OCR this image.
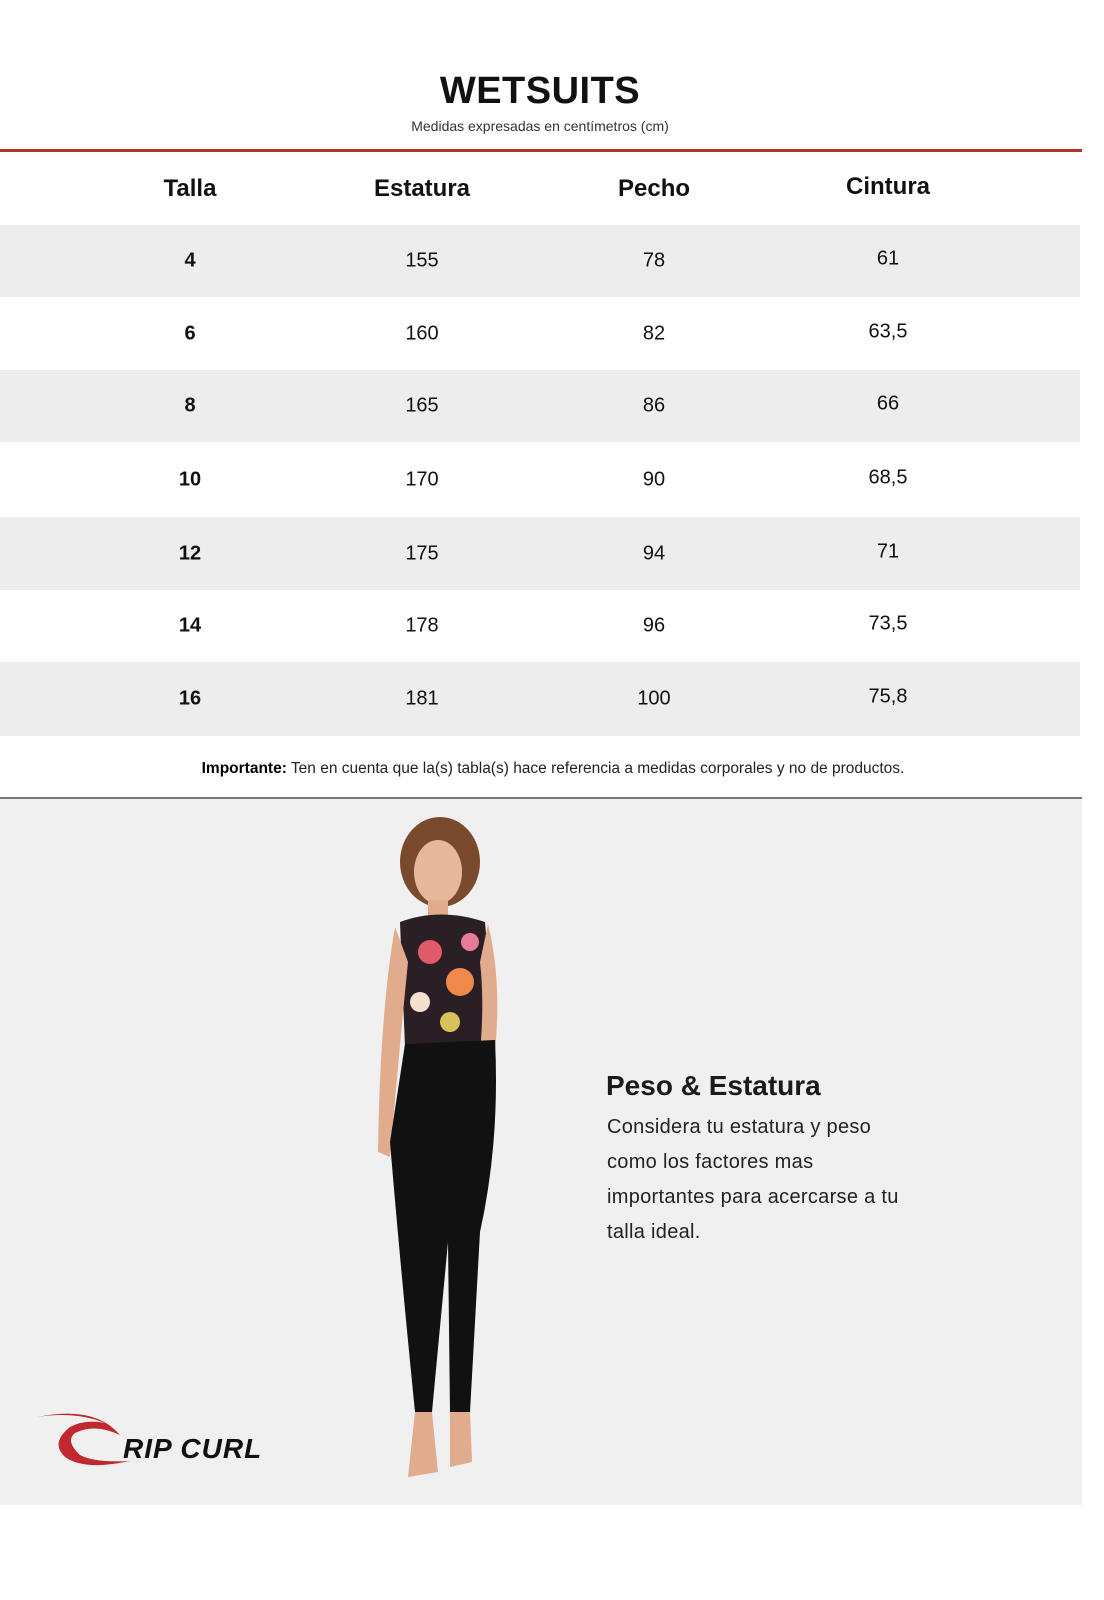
WETSUITS
Medidas expresadas en centímetros (cm)
Talla	Estatura	Pecho	Cintura
4	155	78	61
6	160	82	63,5
8	165	86	66
10	170	90	68,5
12	175	94	71
14	178	96	73,5
16	181	100	75,8
Importante: Ten en cuenta que la(s) tabla(s) hace referencia a medidas corporales y no de productos.
Peso & Estatura
Considera tu estatura y peso como los factores mas importantes para acercarse a tu talla ideal.
RIP CURL
